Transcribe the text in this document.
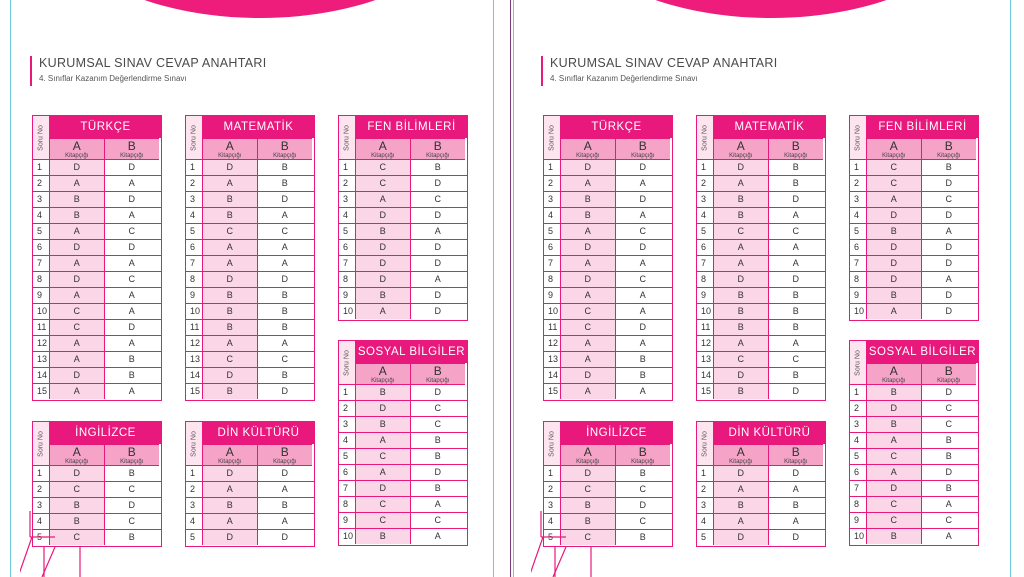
KURUMSAL SINAV CEVAP ANAHTARI
4. Sınıflar Kazanım Değerlendirme Sınavı
Soru No	TÜRKÇE
A
Kitapçığı
B
Kitapçığı
1	D	D
2	A	A
3	B	D
4	B	A
5	A	C
6	D	D
7	A	A
8	D	C
9	A	A
10	C	A
11	C	D
12	A	A
13	A	B
14	D	B
15	A	A
Soru No	MATEMATİK
A
Kitapçığı
B
Kitapçığı
1	D	B
2	A	B
3	B	D
4	B	A
5	C	C
6	A	A
7	A	A
8	D	D
9	B	B
10	B	B
11	B	B
12	A	A
13	C	C
14	D	B
15	B	D
Soru No	FEN BİLİMLERİ
A
Kitapçığı
B
Kitapçığı
1	C	B
2	C	D
3	A	C
4	D	D
5	B	A
6	D	D
7	D	D
8	D	A
9	B	D
10	A	D
Soru No SOSYAL BİLGİLER
A
Kitapçığı
B
Kitapçığı
1	B	D
2	D	C
3	B	C
4	A	B
5	C	B
6	A	D
7	D	B
8	C	A
9	C	C
10	B	A
Soru No	İNGİLİZCE
A
Kitapçığı
B
Kitapçığı
1	D	B
2	C	C
3	B	D
4	B	C
5	C	B
Soru No	DİN KÜLTÜRÜ
A
Kitapçığı
B
Kitapçığı
1	D	D
2	A	A
3	B	B
4	A	A
5	D	D
KURUMSAL SINAV CEVAP ANAHTARI
4. Sınıflar Kazanım Değerlendirme Sınavı
Soru No	TÜRKÇE
A
Kitapçığı
B
Kitapçığı
1	D	D
2	A	A
3	B	D
4	B	A
5	A	C
6	D	D
7	A	A
8	D	C
9	A	A
10	C	A
11	C	D
12	A	A
13	A	B
14	D	B
15	A	A
Soru No	MATEMATİK
A
Kitapçığı
B
Kitapçığı
1	D	B
2	A	B
3	B	D
4	B	A
5	C	C
6	A	A
7	A	A
8	D	D
9	B	B
10	B	B
11	B	B
12	A	A
13	C	C
14	D	B
15	B	D
Soru No	FEN BİLİMLERİ
A
Kitapçığı
B
Kitapçığı
1	C	B
2	C	D
3	A	C
4	D	D
5	B	A
6	D	D
7	D	D
8	D	A
9	B	D
10	A	D
Soru No SOSYAL BİLGİLER
A
Kitapçığı
B
Kitapçığı
1	B	D
2	D	C
3	B	C
4	A	B
5	C	B
6	A	D
7	D	B
8	C	A
9	C	C
10	B	A
Soru No	İNGİLİZCE
A
Kitapçığı
B
Kitapçığı
1	D	B
2	C	C
3	B	D
4	B	C
5	C	B
Soru No	DİN KÜLTÜRÜ
A
Kitapçığı
B
Kitapçığı
1	D	D
2	A	A
3	B	B
4	A	A
5	D	D
